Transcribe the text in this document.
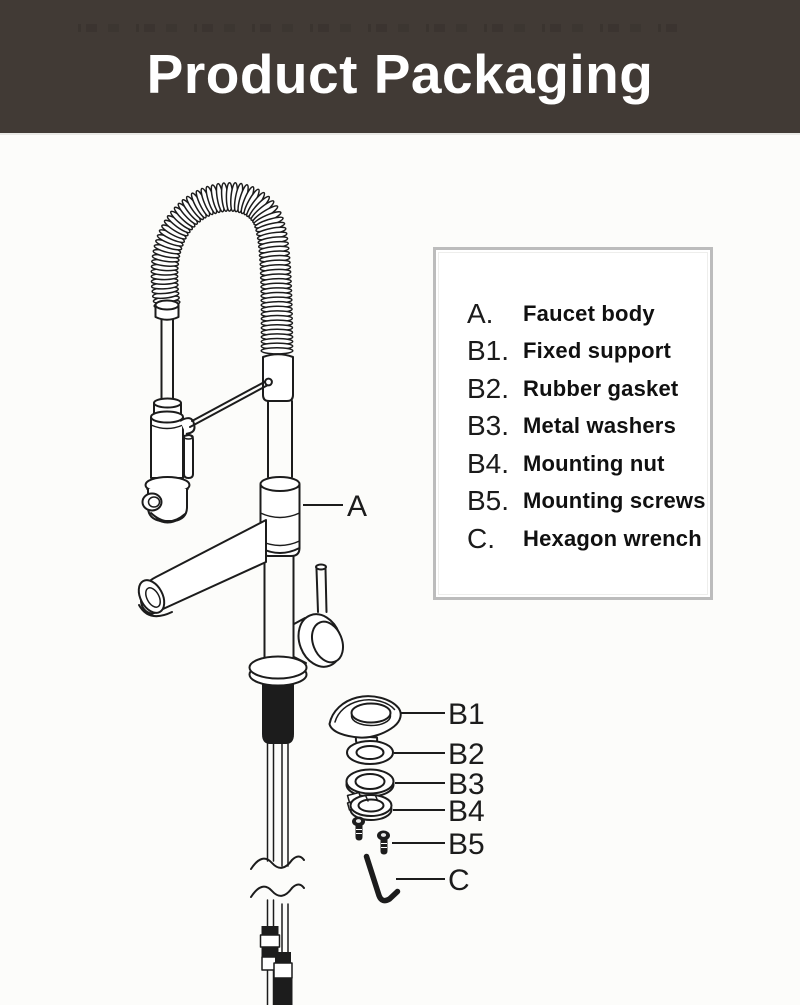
Product Packaging
A
B1
B2
B3
B4
B5
C
A.	Faucet body
B1. Fixed support
B2. Rubber gasket
B3. Metal washers
B4. Mounting nut
B5. Mounting screws
C.	Hexagon wrench
